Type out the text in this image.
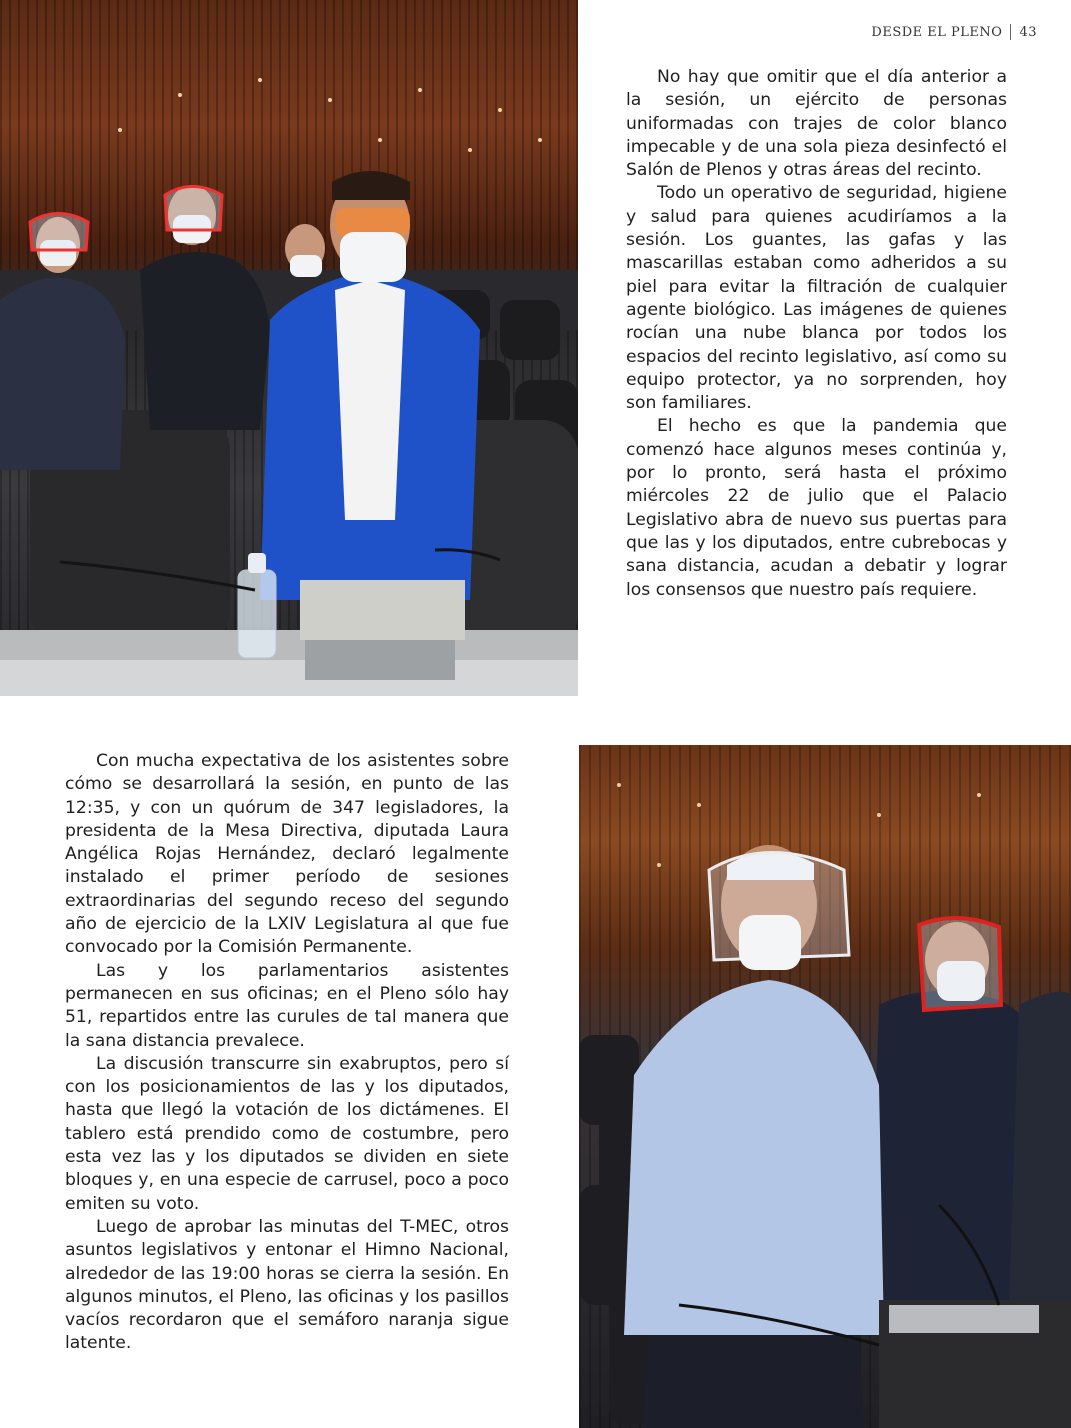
DESDE EL PLENO 43

No hay que omitir que el día anterior a la sesión, un ejército de personas uniformadas con trajes de color blanco impecable y de una sola pieza desinfectó el Salón de Plenos y otras áreas del recinto.

Todo un operativo de seguridad, higiene y salud para quienes acudiríamos a la sesión. Los guantes, las gafas y las mascarillas estaban como adheridos a su piel para evitar la filtración de cualquier agente biológico. Las imágenes de quienes rocían una nube blanca por todos los espacios del recinto legislativo, así como su equipo protector, ya no sorprenden, hoy son familiares.

El hecho es que la pandemia que comenzó hace algunos meses continúa y, por lo pronto, será hasta el próximo miércoles 22 de julio que el Palacio Legislativo abra de nuevo sus puertas para que las y los diputados, entre cubrebocas y sana distancia, acudan a debatir y lograr los consensos que nuestro país requiere.

Con mucha expectativa de los asistentes sobre cómo se desarrollará la sesión, en punto de las 12:35, y con un quórum de 347 legisladores, la presidenta de la Mesa Directiva, diputada Laura Angélica Rojas Hernández, declaró legalmente instalado el primer período de sesiones extraordinarias del segundo receso del segundo año de ejercicio de la LXIV Legislatura al que fue convocado por la Comisión Permanente.

Las y los parlamentarios asistentes permanecen en sus oficinas; en el Pleno sólo hay 51, repartidos entre las curules de tal manera que la sana distancia prevalece.

La discusión transcurre sin exabruptos, pero sí con los posicionamientos de las y los diputados, hasta que llegó la votación de los dictámenes. El tablero está prendido como de costumbre, pero esta vez las y los diputados se dividen en siete bloques y, en una especie de carrusel, poco a poco emiten su voto.

Luego de aprobar las minutas del T-MEC, otros asuntos legislativos y entonar el Himno Nacional, alrededor de las 19:00 horas se cierra la sesión. En algunos minutos, el Pleno, las oficinas y los pasillos vacíos recordaron que el semáforo naranja sigue latente.
